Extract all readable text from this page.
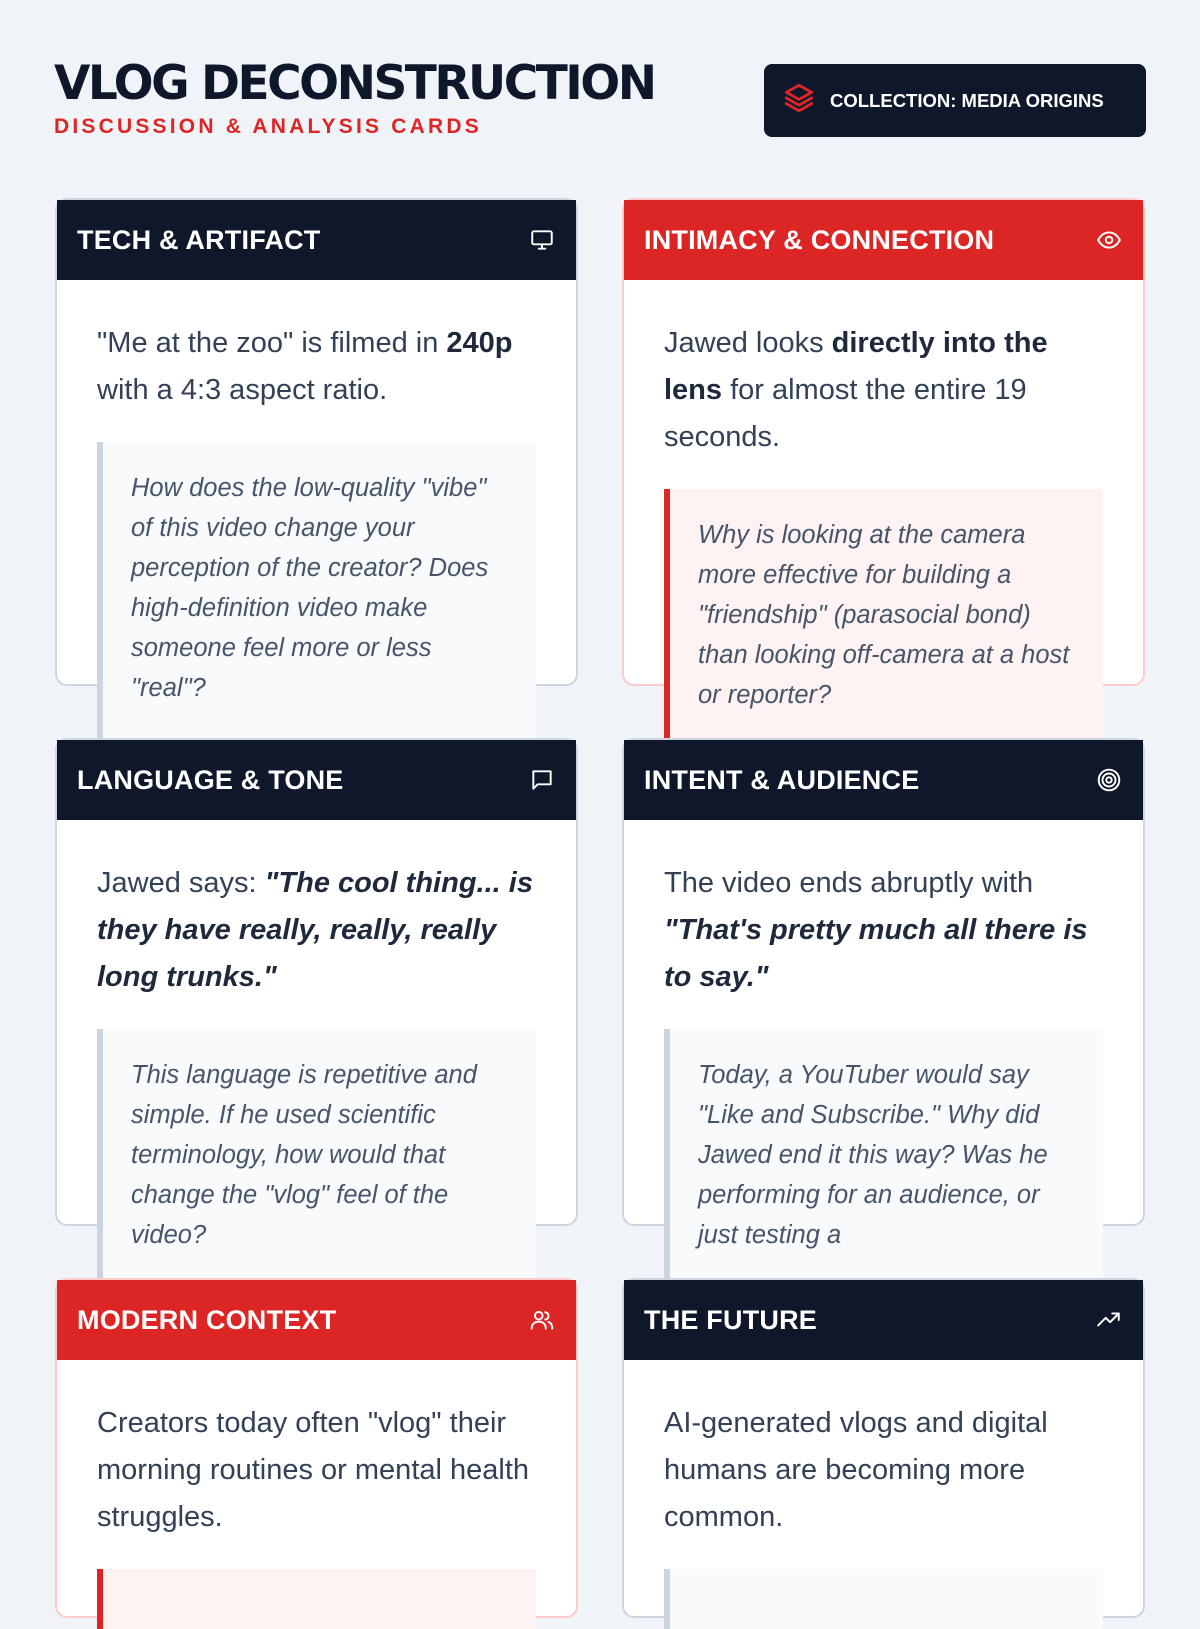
VLOG DECONSTRUCTION
DISCUSSION & ANALYSIS CARDS
COLLECTION: MEDIA ORIGINS
TECH & ARTIFACT
"Me at the zoo" is filmed in 240p with a 4:3 aspect ratio.
How does the low-quality "vibe" of this video change your perception of the creator? Does high-definition video make someone feel more or less "real"?
INTIMACY & CONNECTION
Jawed looks directly into the lens for almost the entire 19 seconds.
Why is looking at the camera more effective for building a "friendship" (parasocial bond) than looking off-camera at a host or reporter?
LANGUAGE & TONE
Jawed says: "The cool thing... is they have really, really, really long trunks."
This language is repetitive and simple. If he used scientific terminology, how would that change the "vlog" feel of the video?
INTENT & AUDIENCE
The video ends abruptly with "That's pretty much all there is to say."
Today, a YouTuber would say "Like and Subscribe." Why did Jawed end it this way? Was he performing for an audience, or just testing a
MODERN CONTEXT
Creators today often "vlog" their morning routines or mental health struggles.
THE FUTURE
AI-generated vlogs and digital humans are becoming more common.
